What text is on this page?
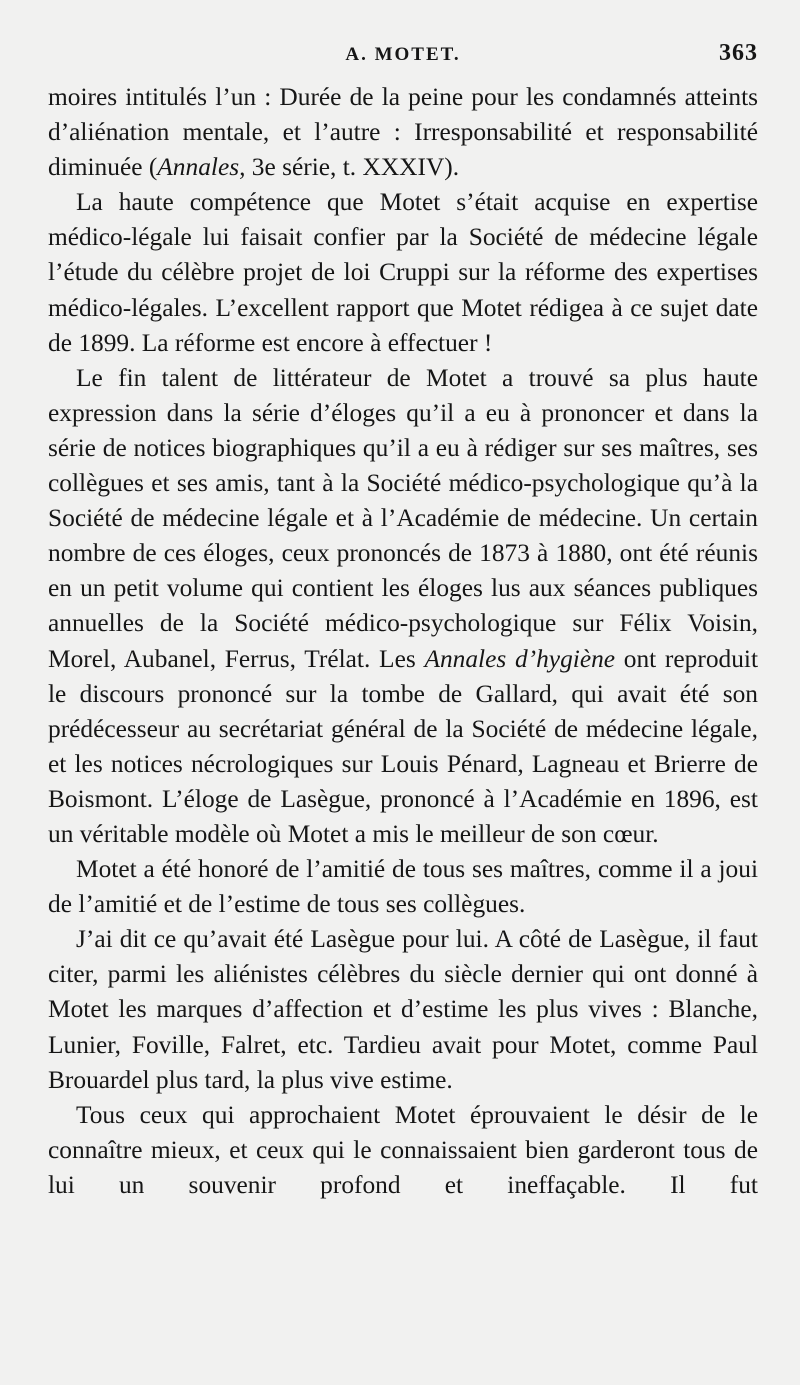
A. MOTET.	363

moires intitulés l’un : Durée de la peine pour les condamnés atteints d’aliénation mentale, et l’autre : Irresponsabilité et responsabilité diminuée (Annales, 3e série, t. XXXIV).

La haute compétence que Motet s’était acquise en expertise médico-légale lui faisait confier par la Société de médecine légale l’étude du célèbre projet de loi Cruppi sur la réforme des expertises médico-légales. L’excellent rapport que Motet rédigea à ce sujet date de 1899. La réforme est encore à effectuer !

Le fin talent de littérateur de Motet a trouvé sa plus haute expression dans la série d’éloges qu’il a eu à prononcer et dans la série de notices biographiques qu’il a eu à rédiger sur ses maîtres, ses collègues et ses amis, tant à la Société médico-psychologique qu’à la Société de médecine légale et à l’Académie de médecine. Un certain nombre de ces éloges, ceux prononcés de 1873 à 1880, ont été réunis en un petit volume qui contient les éloges lus aux séances publiques annuelles de la Société médico-psychologique sur Félix Voisin, Morel, Aubanel, Ferrus, Trélat. Les Annales d’hygiène ont reproduit le discours prononcé sur la tombe de Gallard, qui avait été son prédécesseur au secrétariat général de la Société de médecine légale, et les notices nécrologiques sur Louis Pénard, Lagneau et Brierre de Boismont. L’éloge de Lasègue, prononcé à l’Académie en 1896, est un véritable modèle où Motet a mis le meilleur de son cœur.

Motet a été honoré de l’amitié de tous ses maîtres, comme il a joui de l’amitié et de l’estime de tous ses collègues.

J’ai dit ce qu’avait été Lasègue pour lui. A côté de Lasègue, il faut citer, parmi les aliénistes célèbres du siècle dernier qui ont donné à Motet les marques d’affection et d’estime les plus vives : Blanche, Lunier, Foville, Falret, etc. Tardieu avait pour Motet, comme Paul Brouardel plus tard, la plus vive estime.

Tous ceux qui approchaient Motet éprouvaient le désir de le connaître mieux, et ceux qui le connaissaient bien garderont tous de lui un souvenir profond et ineffaçable. Il fut
